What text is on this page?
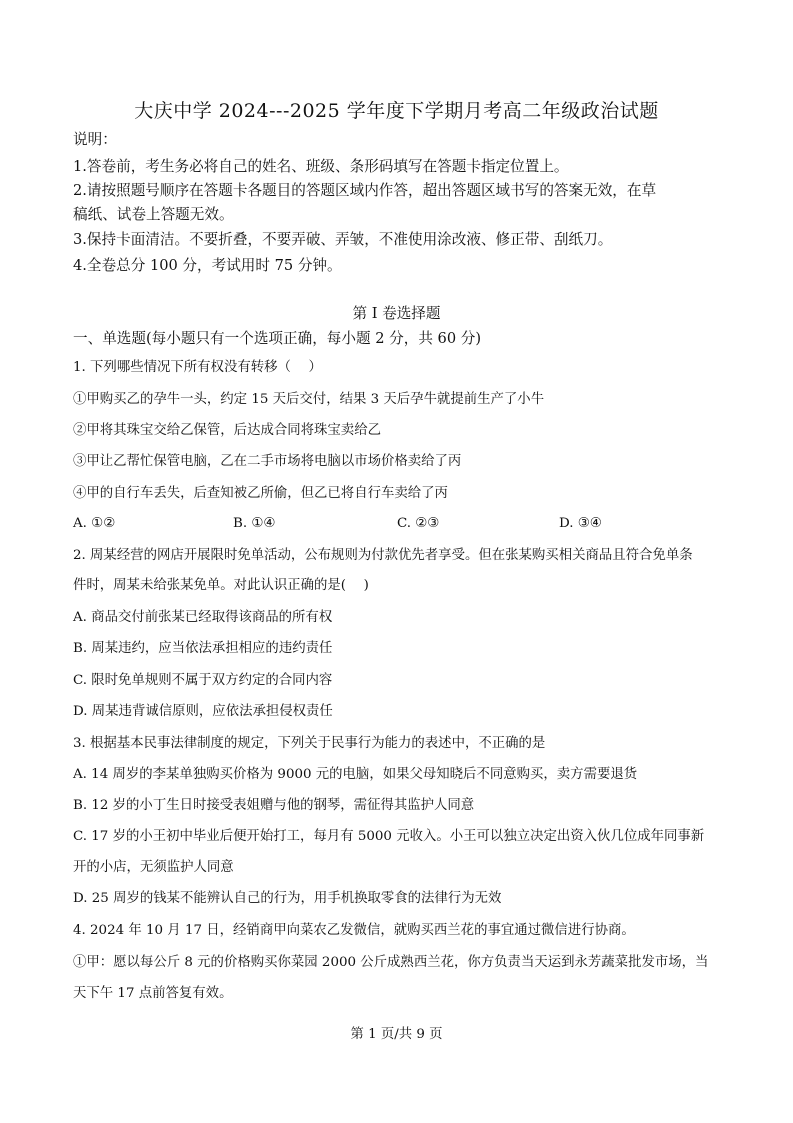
大庆中学 2024---2025 学年度下学期月考高二年级政治试题
说明：
1.答卷前，考生务必将自己的姓名、班级、条形码填写在答题卡指定位置上。
2.请按照题号顺序在答题卡各题目的答题区域内作答，超出答题区域书写的答案无效，在草
稿纸、试卷上答题无效。
3.保持卡面清洁。不要折叠，不要弄破、弄皱，不准使用涂改液、修正带、刮纸刀。
4.全卷总分 100 分，考试用时 75 分钟。
第 I 卷选择题
一、单选题(每小题只有一个选项正确，每小题 2 分，共 60 分)
1. 下列哪些情况下所有权没有转移（　 ）
①甲购买乙的孕牛一头，约定 15 天后交付，结果 3 天后孕牛就提前生产了小牛
②甲将其珠宝交给乙保管，后达成合同将珠宝卖给乙
③甲让乙帮忙保管电脑，乙在二手市场将电脑以市场价格卖给了丙
④甲的自行车丢失，后查知被乙所偷，但乙已将自行车卖给了丙
A. ①②	B. ①④	C. ②③	D. ③④
2. 周某经营的网店开展限时免单活动，公布规则为付款优先者享受。但在张某购买相关商品且符合免单条
件时，周某未给张某免单。对此认识正确的是(　 )
A. 商品交付前张某已经取得该商品的所有权
B. 周某违约，应当依法承担相应的违约责任
C. 限时免单规则不属于双方约定的合同内容
D. 周某违背诚信原则，应依法承担侵权责任
3. 根据基本民事法律制度的规定，下列关于民事行为能力的表述中，不正确的是
A. 14 周岁的李某单独购买价格为 9000 元的电脑，如果父母知晓后不同意购买，卖方需要退货
B. 12 岁的小丁生日时接受表姐赠与他的钢琴，需征得其监护人同意
C. 17 岁的小王初中毕业后便开始打工，每月有 5000 元收入。小王可以独立决定出资入伙几位成年同事新
开的小店，无须监护人同意
D. 25 周岁的钱某不能辨认自己的行为，用手机换取零食的法律行为无效
4. 2024 年 10 月 17 日，经销商甲向菜农乙发微信，就购买西兰花的事宜通过微信进行协商。
①甲：愿以每公斤 8 元的价格购买你菜园 2000 公斤成熟西兰花，你方负责当天运到永芳蔬菜批发市场，当
天下午 17 点前答复有效。
第 1 页/共 9 页
